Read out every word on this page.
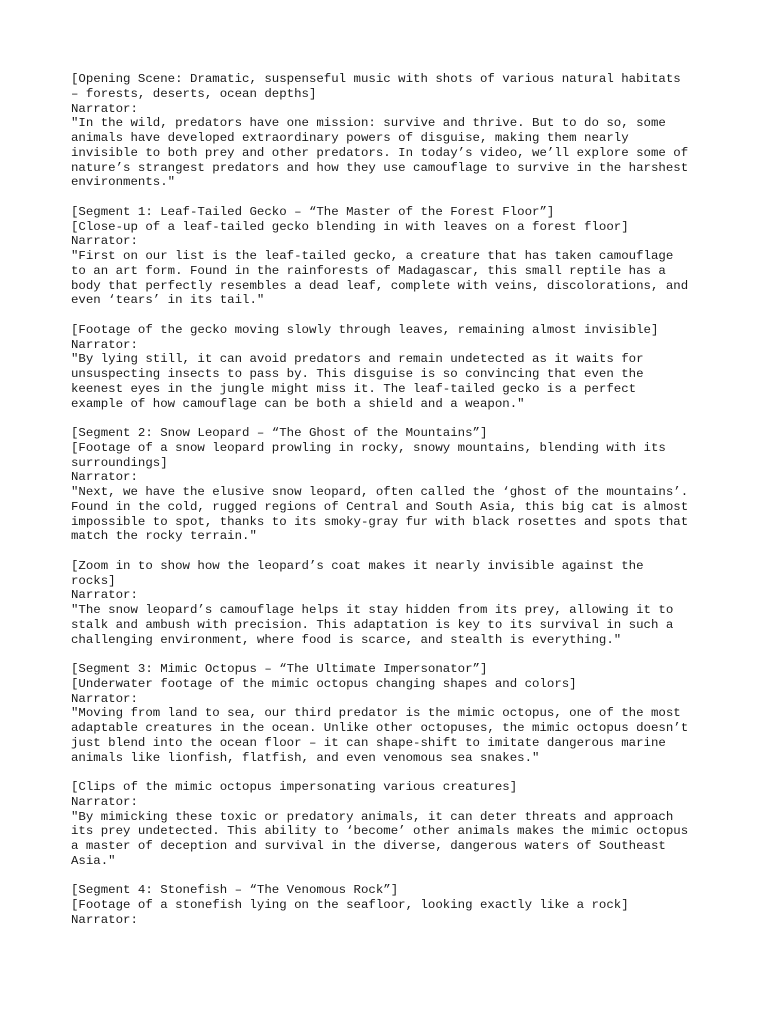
[Opening Scene: Dramatic, suspenseful music with shots of various natural habitats
– forests, deserts, ocean depths]
Narrator:
"In the wild, predators have one mission: survive and thrive. But to do so, some
animals have developed extraordinary powers of disguise, making them nearly
invisible to both prey and other predators. In today’s video, we’ll explore some of
nature’s strangest predators and how they use camouflage to survive in the harshest
environments."
[Segment 1: Leaf-Tailed Gecko – “The Master of the Forest Floor”]
[Close-up of a leaf-tailed gecko blending in with leaves on a forest floor]
Narrator:
"First on our list is the leaf-tailed gecko, a creature that has taken camouflage
to an art form. Found in the rainforests of Madagascar, this small reptile has a
body that perfectly resembles a dead leaf, complete with veins, discolorations, and
even ‘tears’ in its tail."
[Footage of the gecko moving slowly through leaves, remaining almost invisible]
Narrator:
"By lying still, it can avoid predators and remain undetected as it waits for
unsuspecting insects to pass by. This disguise is so convincing that even the
keenest eyes in the jungle might miss it. The leaf-tailed gecko is a perfect
example of how camouflage can be both a shield and a weapon."
[Segment 2: Snow Leopard – “The Ghost of the Mountains”]
[Footage of a snow leopard prowling in rocky, snowy mountains, blending with its
surroundings]
Narrator:
"Next, we have the elusive snow leopard, often called the ‘ghost of the mountains’.
Found in the cold, rugged regions of Central and South Asia, this big cat is almost
impossible to spot, thanks to its smoky-gray fur with black rosettes and spots that
match the rocky terrain."
[Zoom in to show how the leopard’s coat makes it nearly invisible against the
rocks]
Narrator:
"The snow leopard’s camouflage helps it stay hidden from its prey, allowing it to
stalk and ambush with precision. This adaptation is key to its survival in such a
challenging environment, where food is scarce, and stealth is everything."
[Segment 3: Mimic Octopus – “The Ultimate Impersonator”]
[Underwater footage of the mimic octopus changing shapes and colors]
Narrator:
"Moving from land to sea, our third predator is the mimic octopus, one of the most
adaptable creatures in the ocean. Unlike other octopuses, the mimic octopus doesn’t
just blend into the ocean floor – it can shape-shift to imitate dangerous marine
animals like lionfish, flatfish, and even venomous sea snakes."
[Clips of the mimic octopus impersonating various creatures]
Narrator:
"By mimicking these toxic or predatory animals, it can deter threats and approach
its prey undetected. This ability to ‘become’ other animals makes the mimic octopus
a master of deception and survival in the diverse, dangerous waters of Southeast
Asia."
[Segment 4: Stonefish – “The Venomous Rock”]
[Footage of a stonefish lying on the seafloor, looking exactly like a rock]
Narrator:
